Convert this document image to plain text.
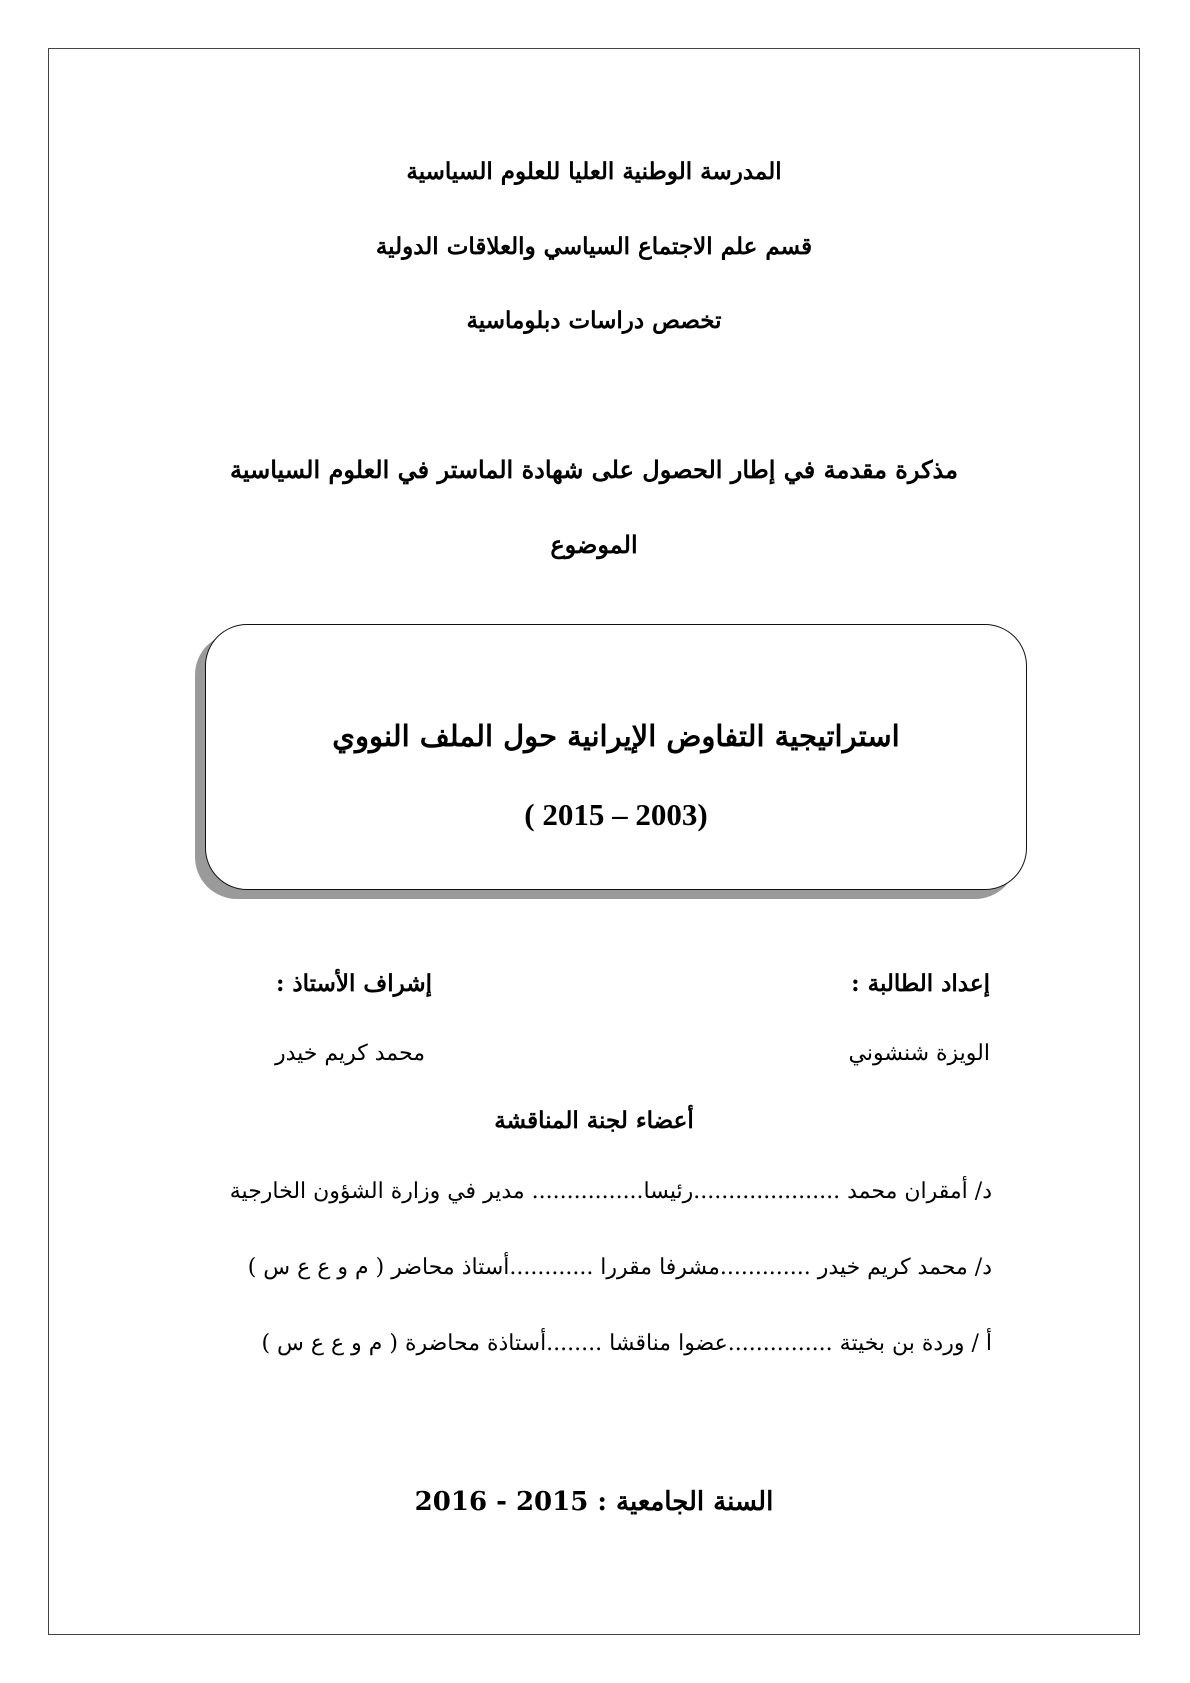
المدرسة الوطنية العليا للعلوم السياسية
قسم علم الاجتماع السياسي والعلاقات الدولية
تخصص دراسات دبلوماسية
مذكرة مقدمة في إطار الحصول على شهادة الماستر في العلوم السياسية
الموضوع
استراتيجية التفاوض الإيرانية حول الملف النووي
( 2015 – 2003)
إعداد الطالبة :
إشراف الأستاذ :
الويزة شنشوني
محمد كريم خيدر
أعضاء لجنة المناقشة
د/ أمقران محمد .....................رئيسا................ مدير في وزارة الشؤون الخارجية
د/ محمد كريم خيدر .............مشرفا مقررا ............أستاذ محاضر ( م و ع ع س )
أ / وردة بن بخيتة ...............عضوا مناقشا ........أستاذة محاضرة ( م و ع ع س )
السنة الجامعية : 2015 - 2016
